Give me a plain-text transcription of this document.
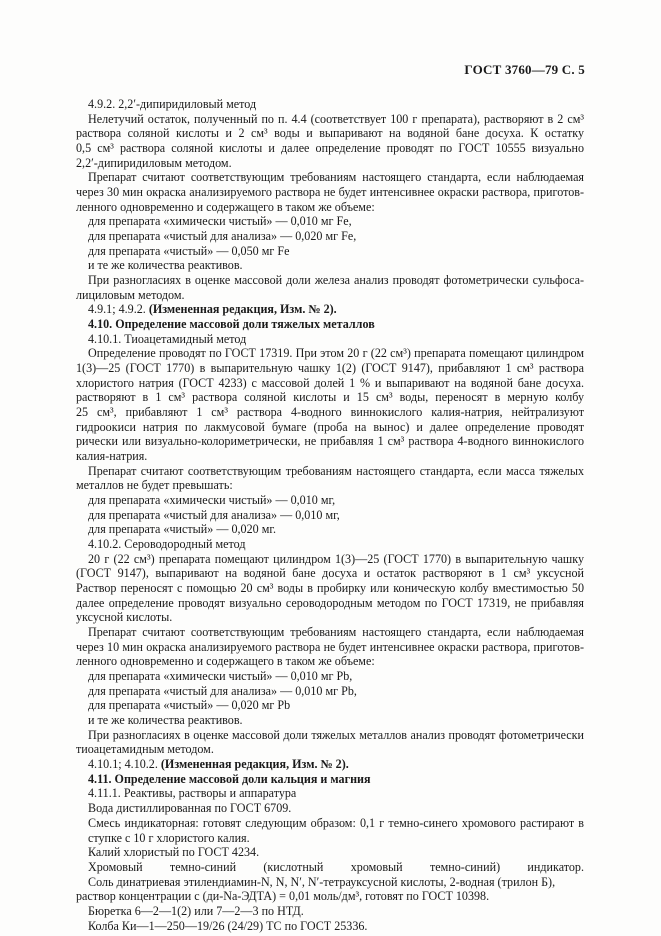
ГОСТ 3760—79 С. 5
4.9.2. 2,2′-дипиридиловый метод
Нелетучий остаток, полученный по п. 4.4 (соответствует 100 г препарата), растворяют в 2 см³
раствора соляной кислоты и 2 см³ воды и выпаривают на водяной бане досуха. К остатку
0,5 см³ раствора соляной кислоты и далее определение проводят по ГОСТ 10555 визуально
2,2′-дипиридиловым методом.
Препарат считают соответствующим требованиям настоящего стандарта, если наблюдаемая
через 30 мин окраска анализируемого раствора не будет интенсивнее окраски раствора, приготов-
ленного одновременно и содержащего в таком же объеме:
для препарата «химически чистый» — 0,010 мг Fe,
для препарата «чистый для анализа» — 0,020 мг Fe,
для препарата «чистый» — 0,050 мг Fe
и те же количества реактивов.
При разногласиях в оценке массовой доли железа анализ проводят фотометрически сульфоса-
лициловым методом.
4.9.1; 4.9.2. (Измененная редакция, Изм. № 2).
4.10. Определение массовой доли тяжелых металлов
4.10.1. Тиоацетамидный метод
Определение проводят по ГОСТ 17319. При этом 20 г (22 см³) препарата помещают цилиндром
1(3)—25 (ГОСТ 1770) в выпарительную чашку 1(2) (ГОСТ 9147), прибавляют 1 см³ раствора
хлористого натрия (ГОСТ 4233) с массовой долей 1 % и выпаривают на водяной бане досуха.
растворяют в 1 см³ раствора соляной кислоты и 15 см³ воды, переносят в мерную колбу
25 см³, прибавляют 1 см³ раствора 4-водного виннокислого калия-натрия, нейтрализуют
гидроокиси натрия по лакмусовой бумаге (проба на вынос) и далее определение проводят
рически или визуально-колориметрически, не прибавляя 1 см³ раствора 4-водного виннокислого
калия-натрия.
Препарат считают соответствующим требованиям настоящего стандарта, если масса тяжелых
металлов не будет превышать:
для препарата «химически чистый» — 0,010 мг,
для препарата «чистый для анализа» — 0,010 мг,
для препарата «чистый» — 0,020 мг.
4.10.2. Сероводородный метод
20 г (22 см³) препарата помещают цилиндром 1(3)—25 (ГОСТ 1770) в выпарительную чашку
(ГОСТ 9147), выпаривают на водяной бане досуха и остаток растворяют в 1 см³ уксусной
Раствор переносят с помощью 20 см³ воды в пробирку или коническую колбу вместимостью 50
далее определение проводят визуально сероводородным методом по ГОСТ 17319, не прибавляя
уксусной кислоты.
Препарат считают соответствующим требованиям настоящего стандарта, если наблюдаемая
через 10 мин окраска анализируемого раствора не будет интенсивнее окраски раствора, приготов-
ленного одновременно и содержащего в таком же объеме:
для препарата «химически чистый» — 0,010 мг Pb,
для препарата «чистый для анализа» — 0,010 мг Pb,
для препарата «чистый» — 0,020 мг Pb
и те же количества реактивов.
При разногласиях в оценке массовой доли тяжелых металлов анализ проводят фотометрически
тиоацетамидным методом.
4.10.1; 4.10.2. (Измененная редакция, Изм. № 2).
4.11. Определение массовой доли кальция и магния
4.11.1. Реактивы, растворы и аппаратура
Вода дистиллированная по ГОСТ 6709.
Смесь индикаторная: готовят следующим образом: 0,1 г темно-синего хромового растирают в
ступке с 10 г хлористого калия.
Калий хлористый по ГОСТ 4234.
Хромовый темно-синий (кислотный хромовый темно-синий) индикатор.
Соль динатриевая этилендиамин-N, N, N′, N′-тетрауксусной кислоты, 2-водная (трилон Б),
раствор концентрации с (ди-Na-ЭДТА) = 0,01 моль/дм³, готовят по ГОСТ 10398.
Бюретка 6—2—1(2) или 7—2—3 по НТД.
Колба Ки—1—250—19/26 (24/29) ТС по ГОСТ 25336.
